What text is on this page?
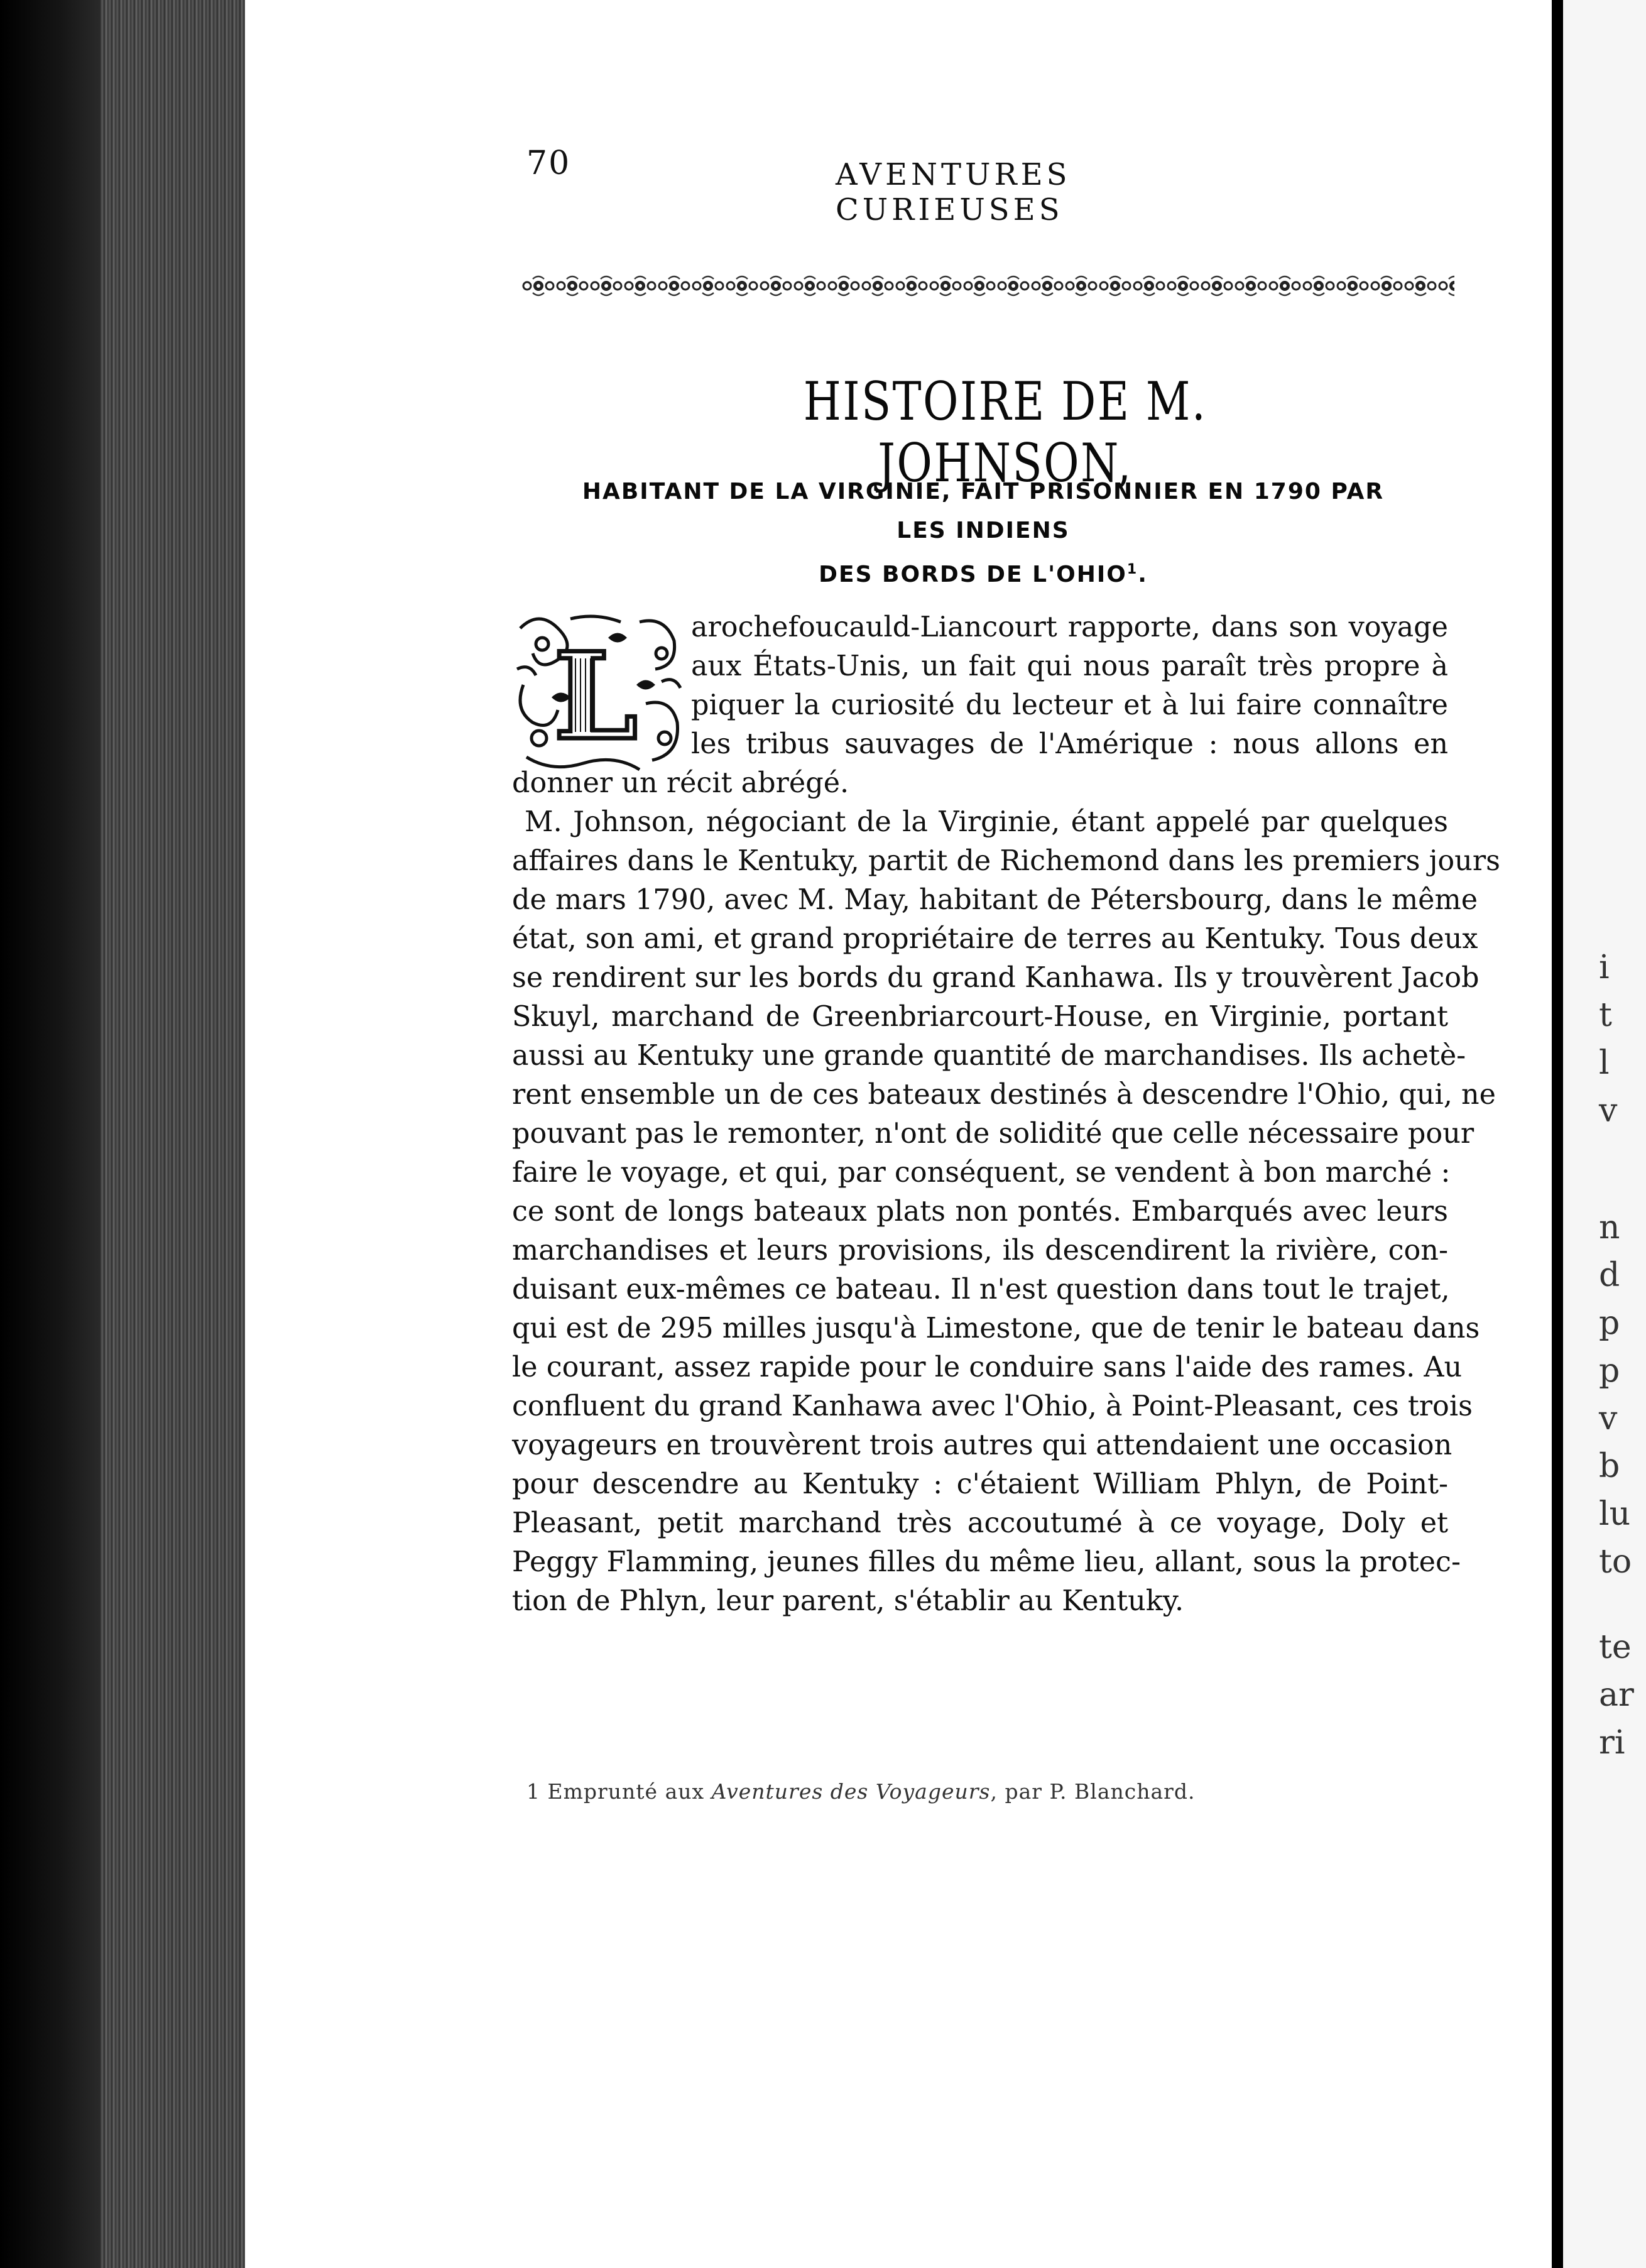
i
t
l
v
n
d
p
p
v
b
lu
to
te
ar
ri
70	AVENTURES CURIEUSES
HISTOIRE DE M. JOHNSON,
HABITANT DE LA VIRGINIE, FAIT PRISONNIER EN 1790 PAR LES INDIENS
DES BORDS DE L'OHIO$^1$.
L	arochefoucauld-Liancourt rapporte, dans son voyage
aux États-Unis, un fait qui nous paraît très propre à
piquer la curiosité du lecteur et à lui faire connaître
les tribus sauvages de l'Amérique : nous allons en
donner un récit abrégé.
M. Johnson, négociant de la Virginie, étant appelé par quelques
affaires dans le Kentuky, partit de Richemond dans les premiers jours
de mars 1790, avec M. May, habitant de Pétersbourg, dans le même
état, son ami, et grand propriétaire de terres au Kentuky. Tous deux
se rendirent sur les bords du grand Kanhawa. Ils y trouvèrent Jacob
Skuyl, marchand de Greenbriarcourt-House, en Virginie, portant
aussi au Kentuky une grande quantité de marchandises. Ils achetè-
rent ensemble un de ces bateaux destinés à descendre l'Ohio, qui, ne
pouvant pas le remonter, n'ont de solidité que celle nécessaire pour
faire le voyage, et qui, par conséquent, se vendent à bon marché :
ce sont de longs bateaux plats non pontés. Embarqués avec leurs
marchandises et leurs provisions, ils descendirent la rivière, con-
duisant eux-mêmes ce bateau. Il n'est question dans tout le trajet,
qui est de 295 milles jusqu'à Limestone, que de tenir le bateau dans
le courant, assez rapide pour le conduire sans l'aide des rames. Au
confluent du grand Kanhawa avec l'Ohio, à Point-Pleasant, ces trois
voyageurs en trouvèrent trois autres qui attendaient une occasion
pour descendre au Kentuky : c'étaient William Phlyn, de Point-
Pleasant, petit marchand très accoutumé à ce voyage, Doly et
Peggy Flamming, jeunes filles du même lieu, allant, sous la protec-
tion de Phlyn, leur parent, s'établir au Kentuky.
1 Emprunté aux Aventures des Voyageurs, par P. Blanchard.
